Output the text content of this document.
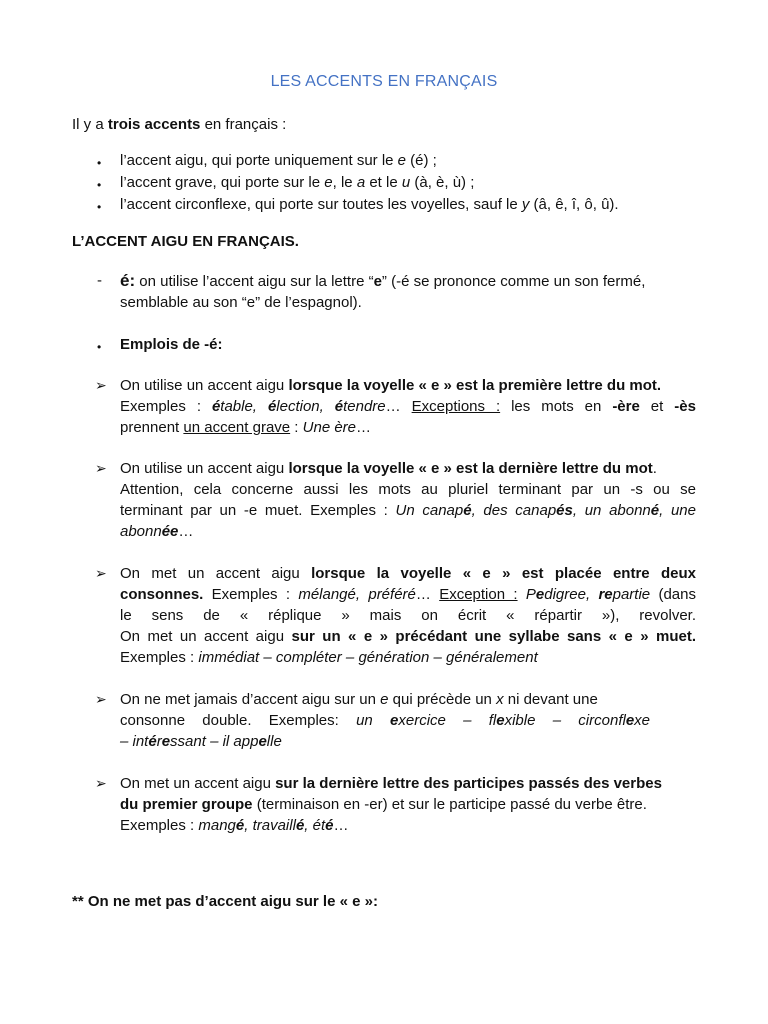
LES ACCENTS EN FRANÇAIS
Il y a trois accents en français :
• l’accent aigu, qui porte uniquement sur le e (é) ;
• l’accent grave, qui porte sur le e, le a et le u (à, è, ù) ;
• l’accent circonflexe, qui porte sur toutes les voyelles, sauf le y (â, ê, î, ô, û).
L’ACCENT AIGU EN FRANÇAIS.
- é: on utilise l’accent aigu sur la lettre “e” (-é se prononce comme un son fermé,
semblable au son “e” de l’espagnol).
• Emplois de -é:
➢ On utilise un accent aigu lorsque la voyelle « e » est la première lettre du mot.
Exemples : étable, élection, étendre… Exceptions : les mots en -ère et -ès
prennent un accent grave : Une ère…
➢ On utilise un accent aigu lorsque la voyelle « e » est la dernière lettre du mot.
Attention, cela concerne aussi les mots au pluriel terminant par un -s ou se
terminant par un -e muet. Exemples : Un canapé, des canapés, un abonné, une
abonnée…
➢ On met un accent aigu lorsque la voyelle « e » est placée entre deux
consonnes. Exemples : mélangé, préféré… Exception : Pedigree, repartie (dans
le sens de « réplique » mais on écrit « répartir »), revolver.
On met un accent aigu sur un « e » précédant une syllabe sans « e » muet.
Exemples : immédiat – compléter – génération – généralement
➢ On ne met jamais d’accent aigu sur un e qui précède un x ni devant une
consonne double. Exemples: un exercice – flexible – circonflexe
– intéressant – il appelle
➢ On met un accent aigu sur la dernière lettre des participes passés des verbes
du premier groupe (terminaison en -er) et sur le participe passé du verbe être.
Exemples : mangé, travaillé, été…
** On ne met pas d’accent aigu sur le « e »:
